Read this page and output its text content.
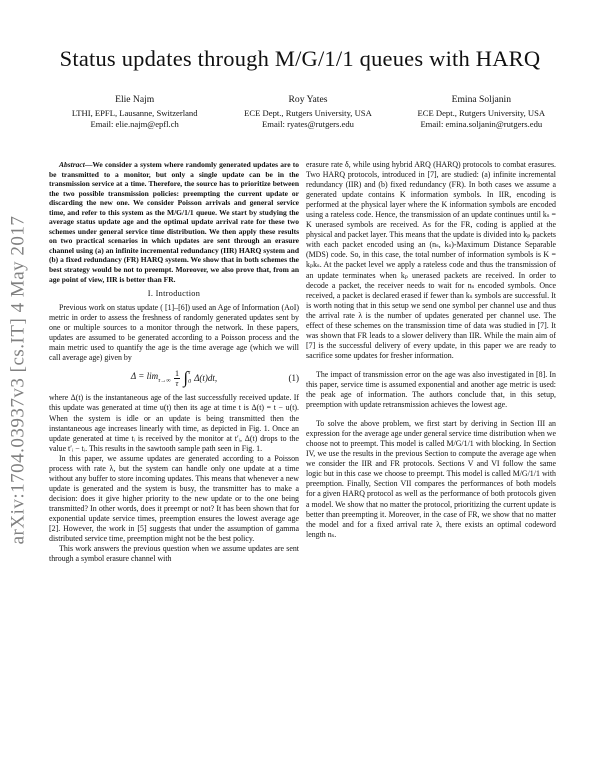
arXiv:1704.03937v3 [cs.IT] 4 May 2017
Status updates through M/G/1/1 queues with HARQ
Elie Najm
LTHI, EPFL, Lausanne, Switzerland
Email: elie.najm@epfl.ch
Roy Yates
ECE Dept., Rutgers University, USA
Email: ryates@rutgers.edu
Emina Soljanin
ECE Dept., Rutgers University, USA
Email: emina.soljanin@rutgers.edu

Abstract—We consider a system where randomly generated updates are to be transmitted to a monitor, but only a single update can be in the transmission service at a time. Therefore, the source has to prioritize between the two possible transmission policies: preempting the current update or discarding the new one. We consider Poisson arrivals and general service time, and refer to this system as the M/G/1/1 queue. We start by studying the average status update age and the optimal update arrival rate for these two schemes under general service time distribution. We then apply these results on two practical scenarios in which updates are sent through an erasure channel using (a) an infinite incremental redundancy (IIR) HARQ system and (b) a fixed redundancy (FR) HARQ system. We show that in both schemes the best strategy would be not to preempt. Moreover, we also prove that, from an age point of view, IIR is better than FR.

I. Introduction

Previous work on status update ( [1]–[6]) used an Age of Information (AoI) metric in order to assess the freshness of randomly generated updates sent by one or multiple sources to a monitor through the network. In these papers, updates are assumed to be generated according to a Poisson process and the main metric used to quantify the age is the time average age (which we will call average age) given by

$\Delta = \lim_{\tau\to\infty} \frac{1}{\tau}$ ∫ τ
0 Δ(t)dt,	(1)

where Δ(t) is the instantaneous age of the last successfully received update. If this update was generated at time u(t) then its age at time t is Δ(t) = t − u(t). When the system is idle or an update is being transmitted then the instantaneous age increases linearly with time, as depicted in Fig. 1. Once an update generated at time tᵢ is received by the monitor at t′ᵢ, Δ(t) drops to the value t′ᵢ − tᵢ. This results in the sawtooth sample path seen in Fig. 1.

In this paper, we assume updates are generated according to a Poisson process with rate λ, but the system can handle only one update at a time without any buffer to store incoming updates. This means that whenever a new update is generated and the system is busy, the transmitter has to make a decision: does it give higher priority to the new update or to the one being transmitted? In other words, does it preempt or not? It has been shown that for exponential update service times, preemption ensures the lowest average age [2]. However, the work in [5] suggests that under the assumption of gamma distributed service time, preemption might not be the best policy.

This work answers the previous question when we assume updates are sent through a symbol erasure channel with

erasure rate δ, while using hybrid ARQ (HARQ) protocols to combat erasures. Two HARQ protocols, introduced in [7], are studied: (a) infinite incremental redundancy (IIR) and (b) fixed redundancy (FR). In both cases we assume a generated update contains K information symbols. In IIR, encoding is performed at the physical layer where the K information symbols are encoded using a rateless code. Hence, the transmission of an update continues until kₛ = K unerased symbols are received. As for the FR, coding is applied at the physical and packet layer. This means that the update is divided into kₚ packets with each packet encoded using an (nₛ, kₛ)-Maximum Distance Separable (MDS) code. So, in this case, the total number of information symbols is K = kₚkₛ. At the packet level we apply a rateless code and thus the transmission of an update terminates when kₚ unerased packets are received. In order to decode a packet, the receiver needs to wait for nₛ encoded symbols. Once received, a packet is declared erased if fewer than kₛ symbols are successful. It is worth noting that in this setup we send one symbol per channel use and thus the arrival rate λ is the number of updates generated per channel use. The effect of these schemes on the transmission time of data was studied in [7]. It was shown that FR leads to a slower delivery than IIR. While the main aim of [7] is the successful delivery of every update, in this paper we are ready to sacrifice some updates for fresher information.

The impact of transmission error on the age was also investigated in [8]. In this paper, service time is assumed exponential and another age metric is used: the peak age of information. The authors conclude that, in this setup, preemption with update retransmission achieves the lowest age.

To solve the above problem, we first start by deriving in Section III an expression for the average age under general service time distribution when we choose not to preempt. This model is called M/G/1/1 with blocking. In Section IV, we use the results in the previous Section to compute the average age when we consider the IIR and FR protocols. Sections V and VI follow the same logic but in this case we choose to preempt. This model is called M/G/1/1 with preemption. Finally, Section VII compares the performances of both models for a given HARQ protocol as well as the performance of both protocols given a model. We show that no matter the protocol, prioritizing the current update is better than preempting it. Moreover, in the case of FR, we show that no matter the model and for a fixed arrival rate λ, there exists an optimal codeword length nₛ.
